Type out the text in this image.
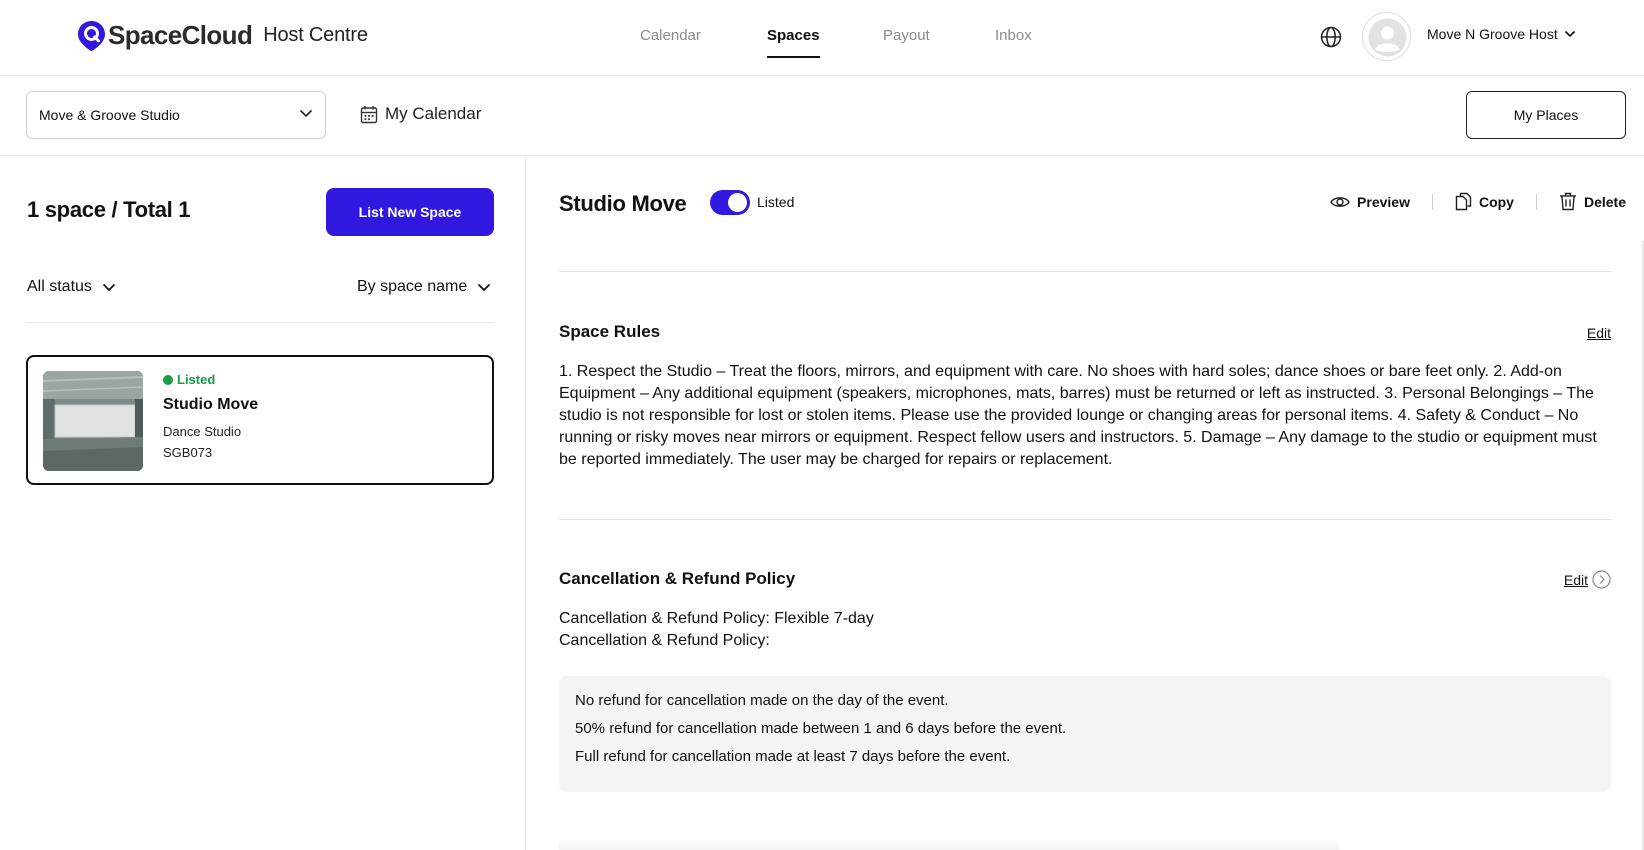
SpaceCloud Host Centre	Calendar	Spaces	Payout	Inbox	Move N Groove Host
Move & Groove Studio	My Calendar	My Places
1 space / Total 1	List New Space
All status	By space name
Listed
Studio Move
Dance Studio
SGB073
Studio Move	Listed	Preview	Copy	Delete
Space Rules	Edit
1. Respect the Studio – Treat the floors, mirrors, and equipment with care. No shoes with hard soles; dance shoes or bare feet only. 2. Add-on Equipment – Any additional equipment (speakers, microphones, mats, barres) must be returned or left as instructed. 3. Personal Belongings – The studio is not responsible for lost or stolen items. Please use the provided lounge or changing areas for personal items. 4. Safety & Conduct – No running or risky moves near mirrors or equipment. Respect fellow users and instructors. 5. Damage – Any damage to the studio or equipment must be reported immediately. The user may be charged for repairs or replacement.
Cancellation & Refund Policy	Edit
Cancellation & Refund Policy: Flexible 7-day
Cancellation & Refund Policy:
No refund for cancellation made on the day of the event.
50% refund for cancellation made between 1 and 6 days before the event.
Full refund for cancellation made at least 7 days before the event.
